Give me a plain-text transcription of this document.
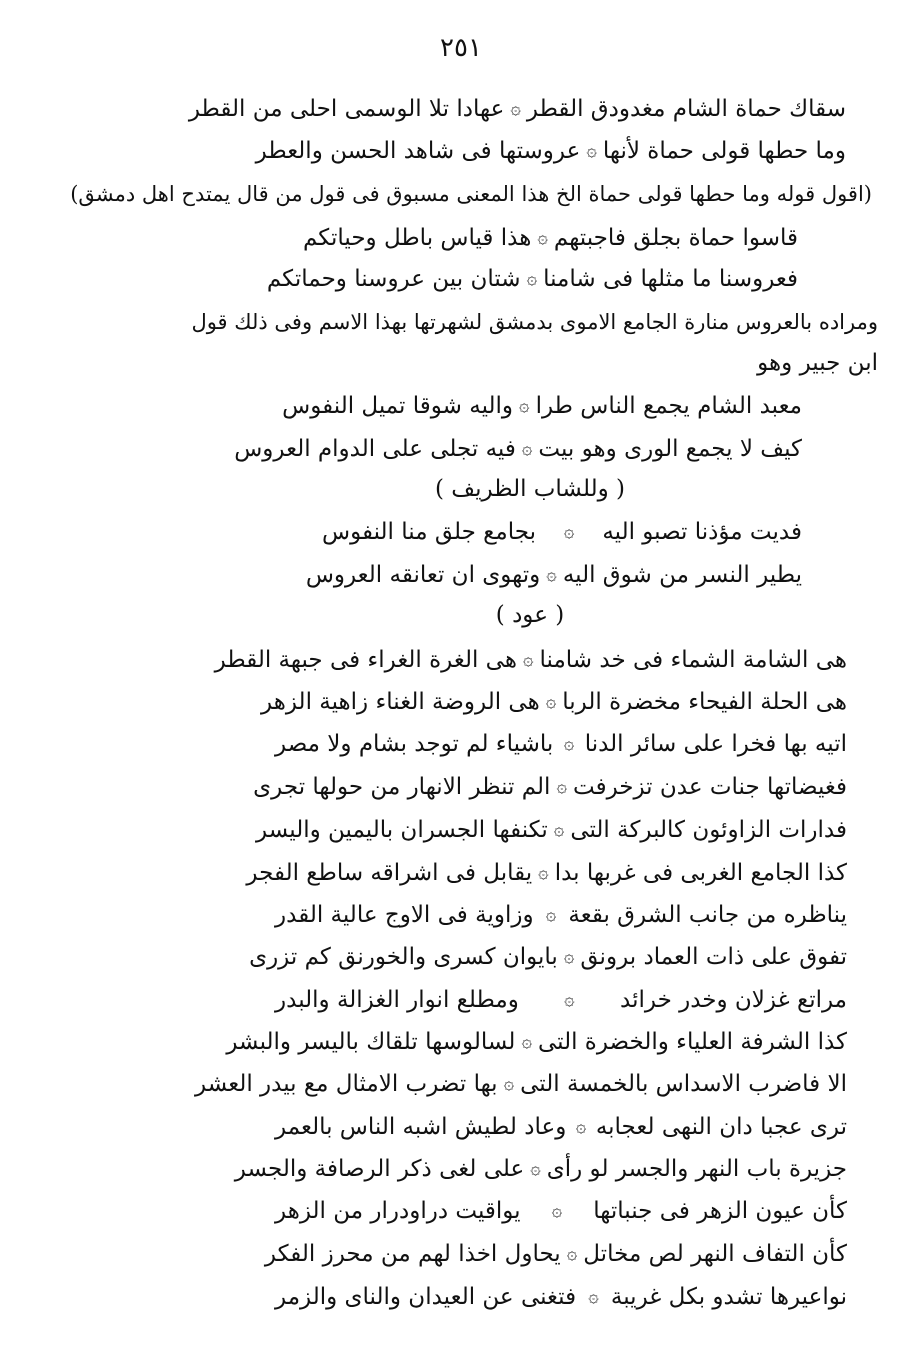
٢٥١
سقاك حماة الشام مغدودق القطر
۞
عهادا تلا الوسمى احلى من القطر
وما حطها قولى حماة لأنها
۞
عروستها فى شاهد الحسن والعطر
(اقول قوله وما حطها قولى حماة الخ هذا المعنى مسبوق فى قول من قال يمتدح اهل دمشق)
قاسوا حماة بجلق فاجبتهم
۞
هذا قياس باطل وحياتكم
فعروسنا ما مثلها فى شامنا
۞
شتان بين عروسنا وحماتكم
ومراده بالعروس منارة الجامع الاموى بدمشق لشهرتها بهذا الاسم وفى ذلك قول
ابن جبير وهو
معبد الشام يجمع الناس طرا
۞
واليه شوقا تميل النفوس
كيف لا يجمع الورى وهو بيت
۞
فيه تجلى على الدوام العروس
( وللشاب الظريف )
فديت مؤذنا تصبو اليه
۞
بجامع جلق منا النفوس
يطير النسر من شوق اليه
۞
وتهوى ان تعانقه العروس
( عود )
هى الشامة الشماء فى خد شامنا
۞
هى الغرة الغراء فى جبهة القطر
هى الحلة الفيحاء مخضرة الربا
۞
هى الروضة الغناء زاهية الزهر
اتيه بها فخرا على سائر الدنا
۞
باشياء لم توجد بشام ولا مصر
فغيضاتها جنات عدن تزخرفت
۞
الم تنظر الانهار من حولها تجرى
فدارات الزاوئون كالبركة التى
۞
تكنفها الجسران باليمين واليسر
كذا الجامع الغربى فى غربها بدا
۞
يقابل فى اشراقه ساطع الفجر
يناظره من جانب الشرق بقعة
۞
وزاوية فى الاوج عالية القدر
تفوق على ذات العماد برونق
۞
بايوان كسرى والخورنق كم تزرى
مراتع غزلان وخدر خرائد
۞
ومطلع انوار الغزالة والبدر
كذا الشرفة العلياء والخضرة التى
۞
لسالوسها تلقاك باليسر والبشر
الا فاضرب الاسداس بالخمسة التى
۞
بها تضرب الامثال مع بيدر العشر
ترى عجبا دان النهى لعجابه
۞
وعاد لطيش اشبه الناس بالعمر
جزيرة باب النهر والجسر لو رأى
۞
على لغى ذكر الرصافة والجسر
كأن عيون الزهر فى جنباتها
۞
يواقيت دراودرار من الزهر
كأن التفاف النهر لص مخاتل
۞
يحاول اخذا لهم من محرز الفكر
نواعيرها تشدو بكل غريبة
۞
فتغنى عن العيدان والناى والزمر
